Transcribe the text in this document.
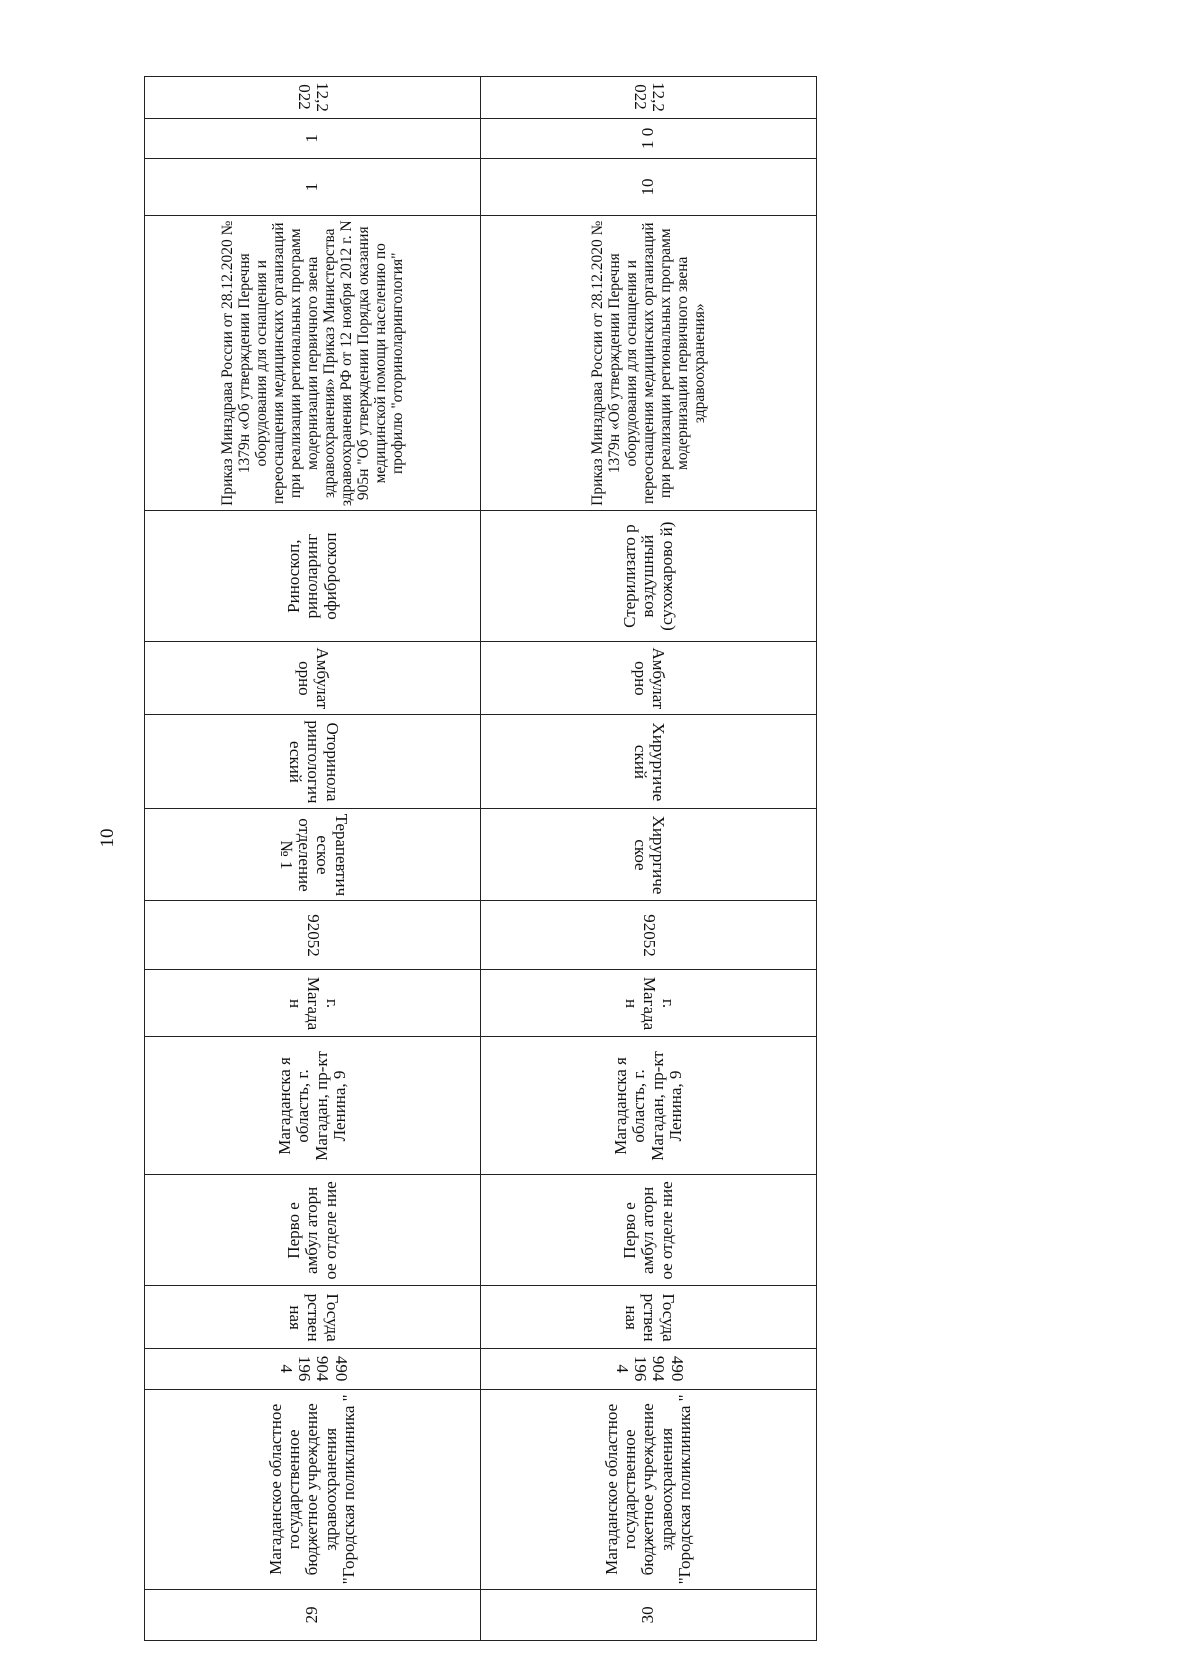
10
29	Магаданское областное государственное бюджетное учреждение здравоохранения "Городская поликлиника "	4909041964	Государственная	Перво е амбул аторн ое отделе ние	Магаданска я область, г. Магадан, пр-кт Ленина, 9	г. Магадан	92052	Терапевтическое отделение № 1	Оториноларингологический	Амбулаторно	Риноскоп, риноларинг офиброскоп	Приказ Минздрава России от 28.12.2020 № 1379н «Об утверждении Перечня оборудования для оснащения и переоснащения медицинских организаций при реализации региональных программ модернизации первичного звена здравоохранения» Приказ Министерства здравоохранения РФ от 12 ноября 2012 г. N 905н "Об утверждении Порядка оказания медицинской помощи населению по профилю "оториноларингология"	1	1	12,2022
30	Магаданское областное государственное бюджетное учреждение здравоохранения "Городская поликлиника "	4909041964	Государственная	Перво е амбул аторн ое отделе ние	Магаданска я область, г. Магадан, пр-кт Ленина, 9	г. Магадан	92052	Хирургическое	Хирургический	Амбулаторно	Стерилизато р воздушный (сухожарово й)	Приказ Минздрава России от 28.12.2020 № 1379н «Об утверждении Перечня оборудования для оснащения и переоснащения медицинских организаций при реализации региональных программ модернизации первичного звена здравоохранения»	10	1 0	12,2022
